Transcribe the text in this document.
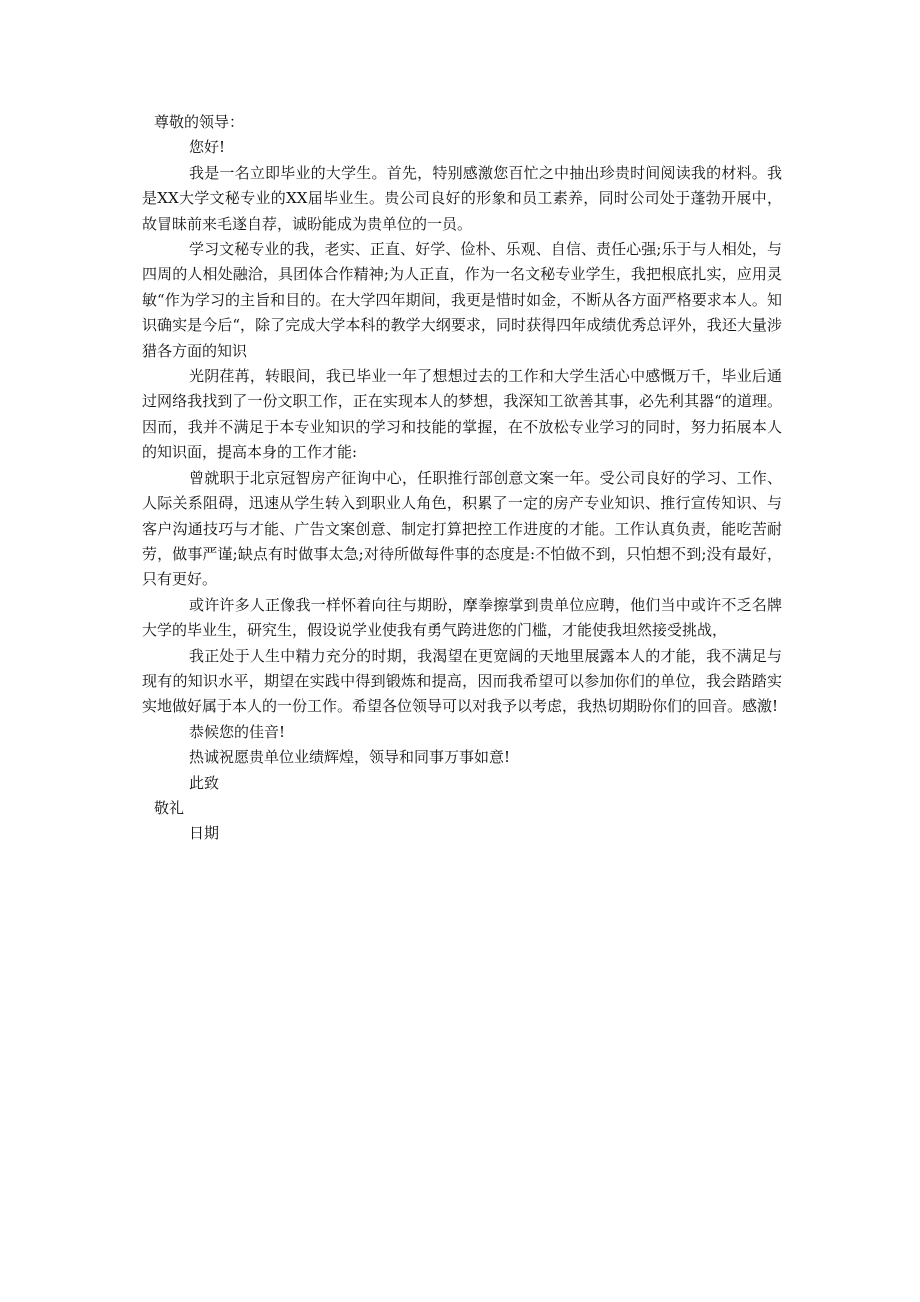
尊敬的领导：

您好!

我是一名立即毕业的大学生。首先，特别感激您百忙之中抽出珍贵时间阅读我的材料。我是XX大学文秘专业的XX届毕业生。贵公司良好的形象和员工素养，同时公司处于蓬勃开展中，故冒昧前来毛遂自荐，诚盼能成为贵单位的一员。

学习文秘专业的我，老实、正直、好学、俭朴、乐观、自信、责任心强;乐于与人相处，与四周的人相处融洽，具团体合作精神;为人正直，作为一名文秘专业学生，我把根底扎实，应用灵敏“作为学习的主旨和目的。在大学四年期间，我更是惜时如金，不断从各方面严格要求本人。知识确实是今后“，除了完成大学本科的教学大纲要求，同时获得四年成绩优秀总评外，我还大量涉猎各方面的知识

光阴荏苒，转眼间，我已毕业一年了想想过去的工作和大学生活心中感慨万千，毕业后通过网络我找到了一份文职工作，正在实现本人的梦想，我深知工欲善其事，必先利其器“的道理。因而，我并不满足于本专业知识的学习和技能的掌握，在不放松专业学习的同时，努力拓展本人的知识面，提高本身的工作才能:

曾就职于北京冠智房产征询中心，任职推行部创意文案一年。受公司良好的学习、工作、人际关系阻碍，迅速从学生转入到职业人角色，积累了一定的房产专业知识、推行宣传知识、与客户沟通技巧与才能、广告文案创意、制定打算把控工作进度的才能。工作认真负责，能吃苦耐劳，做事严谨;缺点有时做事太急;对待所做每件事的态度是:不怕做不到，只怕想不到;没有最好，只有更好。

或许许多人正像我一样怀着向往与期盼，摩拳擦掌到贵单位应聘，他们当中或许不乏名牌大学的毕业生，研究生，假设说学业使我有勇气跨进您的门槛，才能使我坦然接受挑战，

我正处于人生中精力充分的时期，我渴望在更宽阔的天地里展露本人的才能，我不满足与现有的知识水平，期望在实践中得到锻炼和提高，因而我希望可以参加你们的单位，我会踏踏实实地做好属于本人的一份工作。希望各位领导可以对我予以考虑，我热切期盼你们的回音。感激!

恭候您的佳音!

热诚祝愿贵单位业绩辉煌，领导和同事万事如意!

此致

敬礼

日期
